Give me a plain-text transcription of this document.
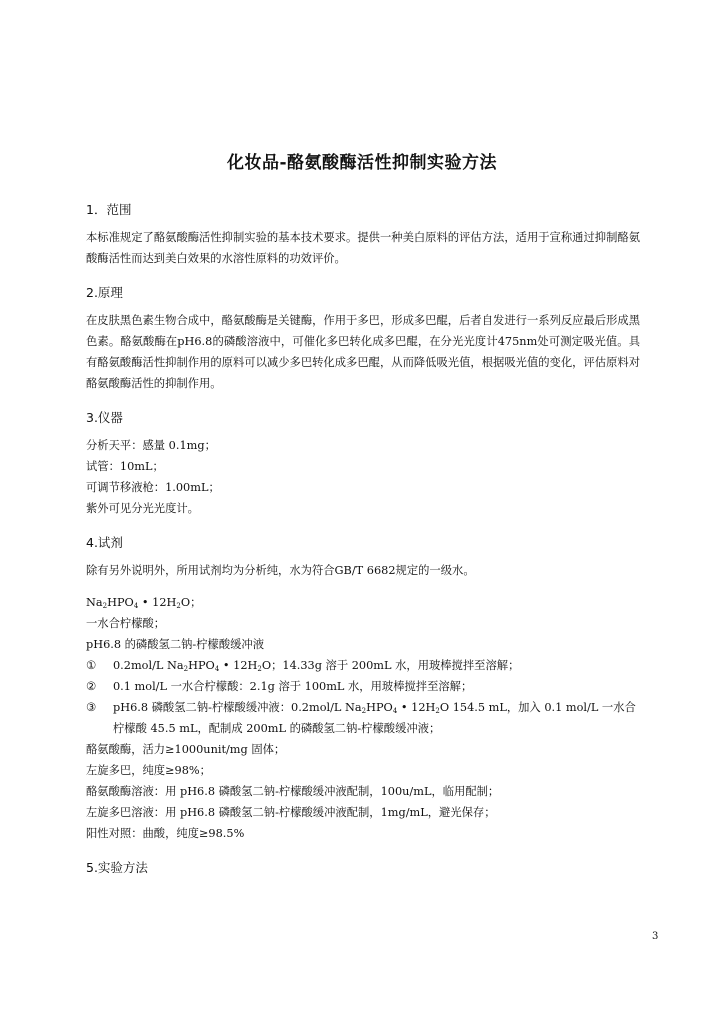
化妆品-酪氨酸酶活性抑制实验方法
1．范围
本标准规定了酪氨酸酶活性抑制实验的基本技术要求。提供一种美白原料的评估方法，适用于宣称通过抑制酪氨酸酶活性而达到美白效果的水溶性原料的功效评价。
2.原理
在皮肤黑色素生物合成中，酪氨酸酶是关键酶，作用于多巴，形成多巴醌，后者自发进行一系列反应最后形成黑色素。酪氨酸酶在pH6.8的磷酸溶液中，可催化多巴转化成多巴醌，在分光光度计475nm处可测定吸光值。具有酪氨酸酶活性抑制作用的原料可以减少多巴转化成多巴醌，从而降低吸光值，根据吸光值的变化，评估原料对酪氨酸酶活性的抑制作用。
3.仪器
分析天平：感量 0.1mg；
试管：10mL；
可调节移液枪：1.00mL；
紫外可见分光光度计。
4.试剂
除有另外说明外，所用试剂均为分析纯，水为符合GB/T 6682规定的一级水。
$Na_2HPO_4$ • $12H_2O$；
一水合柠檬酸；
pH6.8 的磷酸氢二钠-柠檬酸缓冲液
① 0.2mol/L $Na_2HPO_4$ • $12H_2O$；14.33g 溶于 200mL 水，用玻棒搅拌至溶解；
② 0.1 mol/L 一水合柠檬酸：2.1g 溶于 100mL 水，用玻棒搅拌至溶解；
③ pH6.8 磷酸氢二钠-柠檬酸缓冲液：0.2mol/L $Na_2HPO_4$ • $12H_2O$ 154.5 mL，加入 0.1 mol/L 一水合柠檬酸 45.5 mL，配制成 200mL 的磷酸氢二钠-柠檬酸缓冲液；
酪氨酸酶，活力≥1000unit/mg 固体；
左旋多巴，纯度≥98%；
酪氨酸酶溶液：用 pH6.8 磷酸氢二钠-柠檬酸缓冲液配制，100u/mL，临用配制；
左旋多巴溶液：用 pH6.8 磷酸氢二钠-柠檬酸缓冲液配制，1mg/mL，避光保存；
阳性对照：曲酸，纯度≥98.5%
5.实验方法
3
